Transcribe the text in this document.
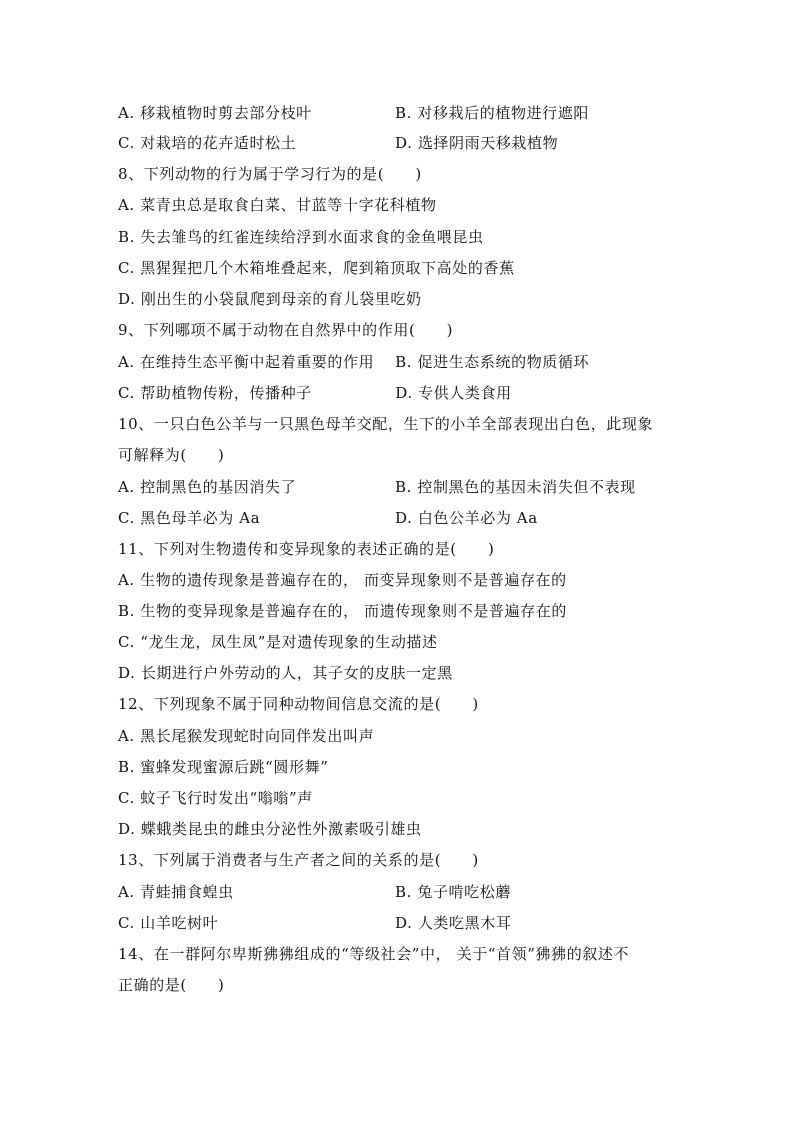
A. 移栽植物时剪去部分枝叶	B. 对移栽后的植物进行遮阳
C. 对栽培的花卉适时松土	D. 选择阴雨天移栽植物
8、下列动物的行为属于学习行为的是(　　)
A. 菜青虫总是取食白菜、甘蓝等十字花科植物
B. 失去雏鸟的红雀连续给浮到水面求食的金鱼喂昆虫
C. 黑猩猩把几个木箱堆叠起来，爬到箱顶取下高处的香蕉
D. 刚出生的小袋鼠爬到母亲的育儿袋里吃奶
9、下列哪项不属于动物在自然界中的作用(　　)
A. 在维持生态平衡中起着重要的作用　 B. 促进生态系统的物质循环
C. 帮助植物传粉，传播种子　　　　　 D. 专供人类食用
10、一只白色公羊与一只黑色母羊交配，生下的小羊全部表现出白色，此现象
可解释为(　　)
A. 控制黑色的基因消失了	B. 控制黑色的基因未消失但不表现
C. 黑色母羊必为 Aa	D. 白色公羊必为 Aa
11、下列对生物遗传和变异现象的表述正确的是(　　)
A. 生物的遗传现象是普遍存在的， 而变异现象则不是普遍存在的
B. 生物的变异现象是普遍存在的， 而遗传现象则不是普遍存在的
C. “龙生龙，凤生凤”是对遗传现象的生动描述
D. 长期进行户外劳动的人，其子女的皮肤一定黑
12、下列现象不属于同种动物间信息交流的是(　　)
A. 黑长尾猴发现蛇时向同伴发出叫声
B. 蜜蜂发现蜜源后跳“圆形舞”
C. 蚊子飞行时发出“嗡嗡”声
D. 蝶蛾类昆虫的雌虫分泌性外激素吸引雄虫
13、下列属于消费者与生产者之间的关系的是(　　)
A. 青蛙捕食蝗虫	B. 兔子啃吃松蘑
C. 山羊吃树叶	D. 人类吃黑木耳
14、在一群阿尔卑斯狒狒组成的“等级社会”中， 关于“首领”狒狒的叙述不
正确的是(　　)
